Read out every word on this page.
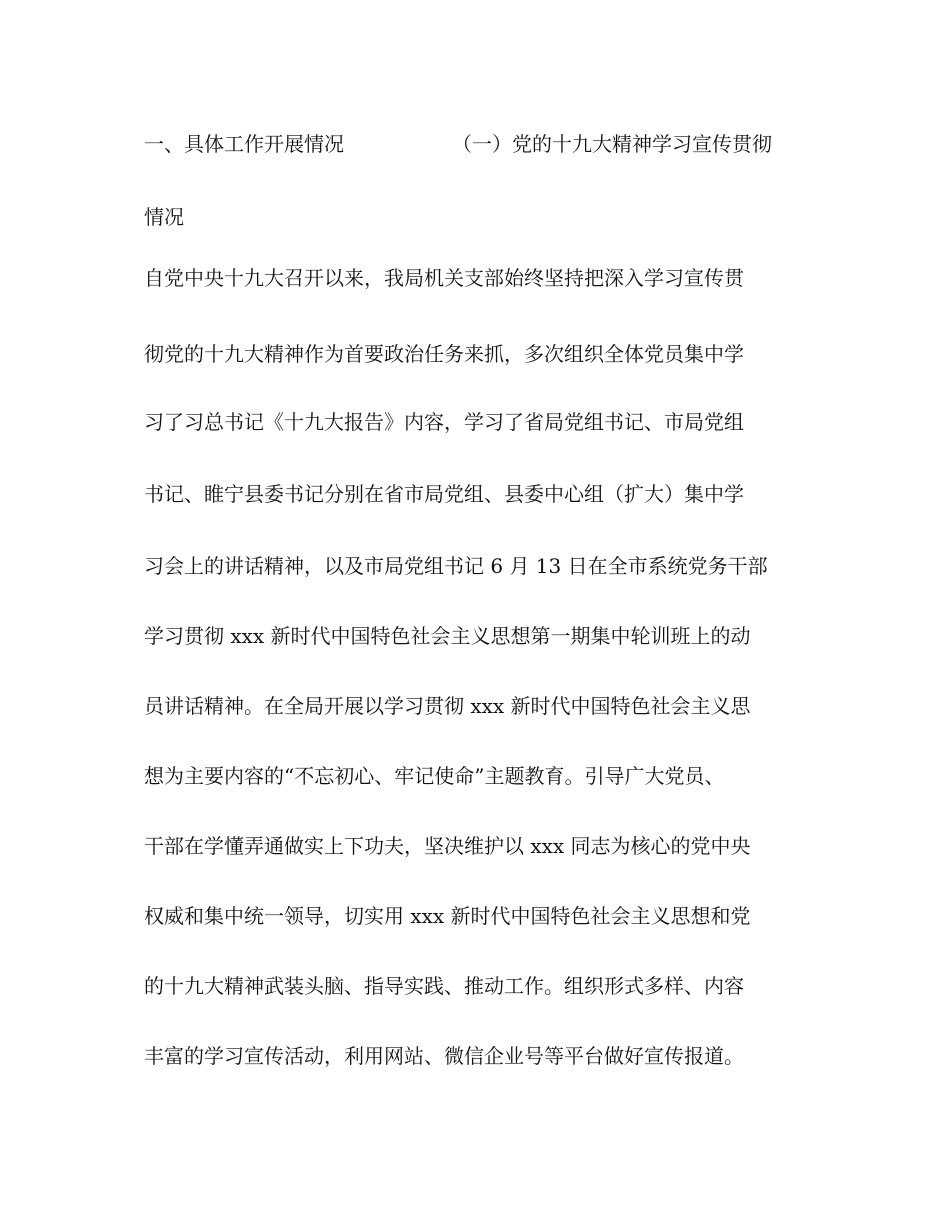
一、具体工作开展情况	（一）党的十九大精神学习宣传贯彻
情况
自党中央十九大召开以来，我局机关支部始终坚持把深入学习宣传贯
彻党的十九大精神作为首要政治任务来抓，多次组织全体党员集中学
习了习总书记《十九大报告》内容，学习了省局党组书记、市局党组
书记、睢宁县委书记分别在省市局党组、县委中心组（扩大）集中学
习会上的讲话精神，以及市局党组书记 6 月 13 日在全市系统党务干部
学习贯彻 xxx 新时代中国特色社会主义思想第一期集中轮训班上的动
员讲话精神。在全局开展以学习贯彻 xxx 新时代中国特色社会主义思
想为主要内容的“不忘初心、牢记使命”主题教育。引导广大党员、
干部在学懂弄通做实上下功夫，坚决维护以 xxx 同志为核心的党中央
权威和集中统一领导，切实用 xxx 新时代中国特色社会主义思想和党
的十九大精神武装头脑、指导实践、推动工作。组织形式多样、内容
丰富的学习宣传活动，利用网站、微信企业号等平台做好宣传报道。
